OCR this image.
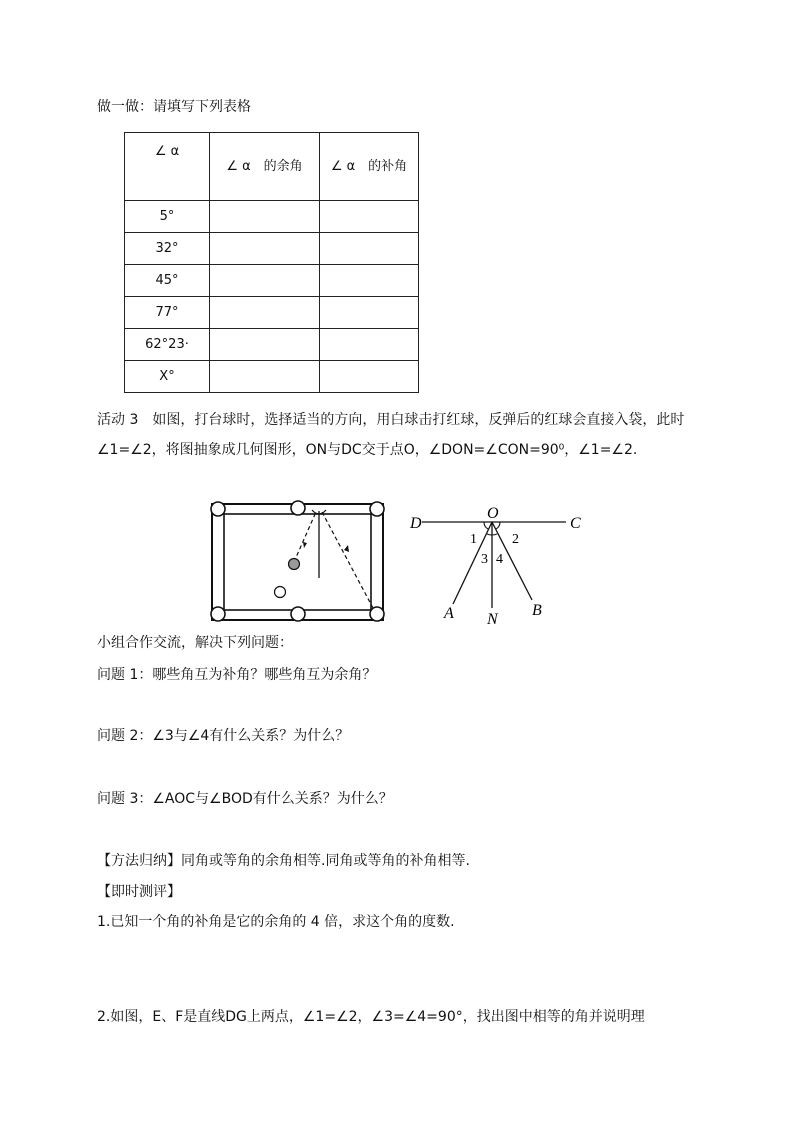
做一做：请填写下列表格
∠ α	∠ α　的余角	∠ α　的补角
5°		
32°		
45°		
77°		
62°23·		
X°		
活动 3　如图，打台球时，选择适当的方向，用白球击打红球，反弹后的红球会直接入袋，此时∠1=∠2，将图抽象成几何图形，ON与DC交于点O，∠DON=∠CON=90⁰，∠1=∠2.
D
O
C
1	2
3 4
A N
B
小组合作交流，解决下列问题：
问题 1：哪些角互为补角？哪些角互为余角？
问题 2：∠3与∠4有什么关系？为什么？
问题 3：∠AOC与∠BOD有什么关系？为什么？
【方法归纳】同角或等角的余角相等.同角或等角的补角相等.
【即时测评】
1.已知一个角的补角是它的余角的 4 倍，求这个角的度数.
2.如图，E、F是直线DG上两点，∠1=∠2，∠3=∠4=90°，找出图中相等的角并说明理
